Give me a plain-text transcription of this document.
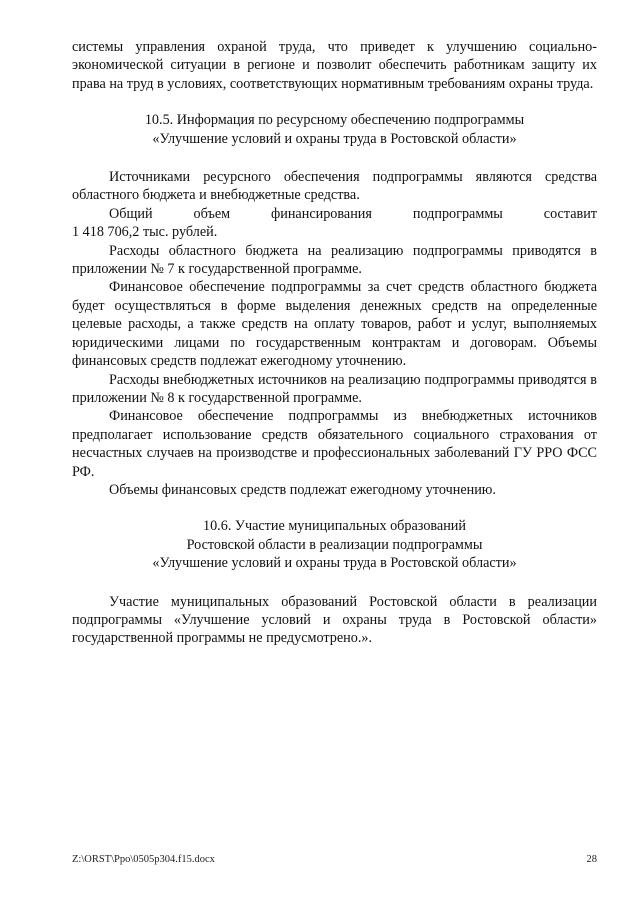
системы управления охраной труда, что приведет к улучшению социально-экономической ситуации в регионе и позволит обеспечить работникам защиту их права на труд в условиях, соответствующих нормативным требованиям охраны труда.

10.5. Информация по ресурсному обеспечению подпрограммы
«Улучшение условий и охраны труда в Ростовской области»

Источниками ресурсного обеспечения подпрограммы являются средства областного бюджета и внебюджетные средства.

Общий объем финансирования подпрограммы составит

1 418 706,2 тыс. рублей.

Расходы областного бюджета на реализацию подпрограммы приводятся в приложении № 7 к государственной программе.

Финансовое обеспечение подпрограммы за счет средств областного бюджета будет осуществляться в форме выделения денежных средств на определенные целевые расходы, а также средств на оплату товаров, работ и услуг, выполняемых юридическими лицами по государственным контрактам и договорам. Объемы финансовых средств подлежат ежегодному уточнению.

Расходы внебюджетных источников на реализацию подпрограммы приводятся в приложении № 8 к государственной программе.

Финансовое обеспечение подпрограммы из внебюджетных источников предполагает использование средств обязательного социального страхования от несчастных случаев на производстве и профессиональных заболеваний ГУ РРО ФСС РФ.

Объемы финансовых средств подлежат ежегодному уточнению.

10.6. Участие муниципальных образований
Ростовской области в реализации подпрограммы
«Улучшение условий и охраны труда в Ростовской области»

Участие муниципальных образований Ростовской области в реализации подпрограммы «Улучшение условий и охраны труда в Ростовской области» государственной программы не предусмотрено.».

Z:\ORST\Ppo\0505p304.f15.docx	28
